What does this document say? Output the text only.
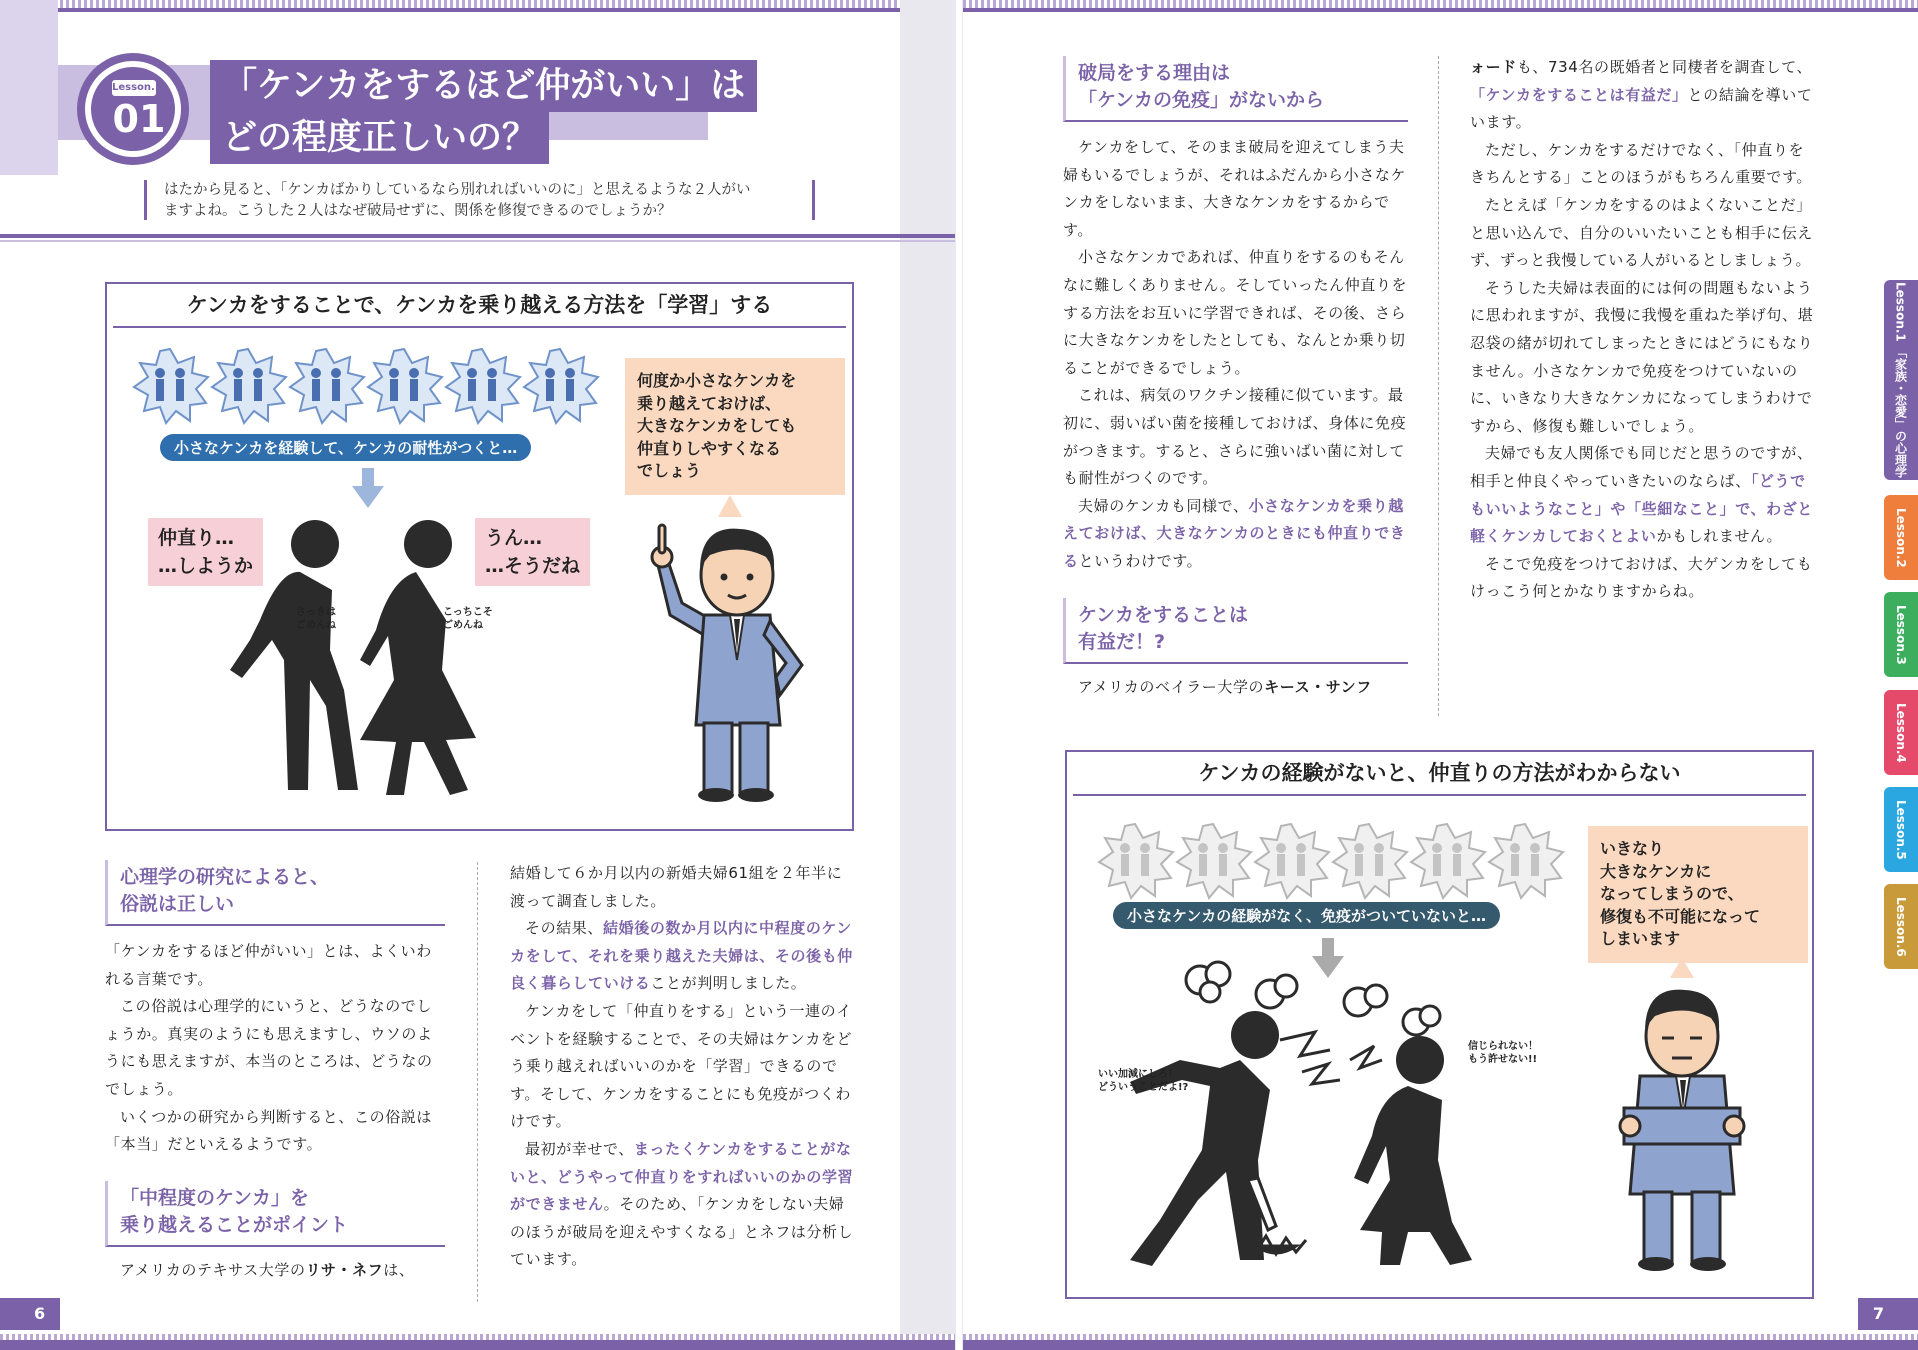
Lesson.1
01
「ケンカをするほど仲がいい」は
どの程度正しいの？
はたから見ると、「ケンカばかりしているなら別れればいいのに」と思えるような２人がい
ますよね。こうした２人はなぜ破局せずに、関係を修復できるのでしょうか？
ケンカをすることで、ケンカを乗り越える方法を「学習」する
小さなケンカを経験して、ケンカの耐性がつくと…
仲直り…
…しようか
うん…
…そうだね
さっきは
ごめんね
こっちこそ
ごめんね
何度か小さなケンカを
乗り越えておけば、
大きなケンカをしても
仲直りしやすくなる
でしょう
心理学の研究によると、
俗説は正しい

「ケンカをするほど仲がいい」とは、よくいわれる言葉です。

この俗説は心理学的にいうと、どうなのでしょうか。真実のようにも思えますし、ウソのようにも思えますが、本当のところは、どうなのでしょう。

いくつかの研究から判断すると、この俗説は「本当」だといえるようです。

「中程度のケンカ」を
乗り越えることがポイント

アメリカのテキサス大学のリサ・ネフは、

結婚して６か月以内の新婚夫婦61組を２年半に渡って調査しました。

その結果、結婚後の数か月以内に中程度のケンカをして、それを乗り越えた夫婦は、その後も仲良く暮らしていけることが判明しました。

ケンカをして「仲直りをする」という一連のイベントを経験することで、その夫婦はケンカをどう乗り越えればいいのかを「学習」できるのです。そして、ケンカをすることにも免疫がつくわけです。

最初が幸せで、まったくケンカをすることがないと、どうやって仲直りをすればいいのかの学習ができません。そのため、「ケンカをしない夫婦のほうが破局を迎えやすくなる」とネフは分析しています。

6
破局をする理由は
「ケンカの免疫」がないから

ケンカをして、そのまま破局を迎えてしまう夫婦もいるでしょうが、それはふだんから小さなケンカをしないまま、大きなケンカをするからです。

小さなケンカであれば、仲直りをするのもそんなに難しくありません。そしていったん仲直りをする方法をお互いに学習できれば、その後、さらに大きなケンカをしたとしても、なんとか乗り切ることができるでしょう。

これは、病気のワクチン接種に似ています。最初に、弱いばい菌を接種しておけば、身体に免疫がつきます。すると、さらに強いばい菌に対しても耐性がつくのです。

夫婦のケンカも同様で、小さなケンカを乗り越えておけば、大きなケンカのときにも仲直りできるというわけです。

ケンカをすることは
有益だ！?

アメリカのベイラー大学のキース・サンフ

ォードも、734名の既婚者と同棲者を調査して、「ケンカをすることは有益だ」との結論を導いています。

ただし、ケンカをするだけでなく、「仲直りをきちんとする」ことのほうがもちろん重要です。

たとえば「ケンカをするのはよくないことだ」と思い込んで、自分のいいたいことも相手に伝えず、ずっと我慢している人がいるとしましょう。

そうした夫婦は表面的には何の問題もないように思われますが、我慢に我慢を重ねた挙げ句、堪忍袋の緒が切れてしまったときにはどうにもなりません。小さなケンカで免疫をつけていないのに、いきなり大きなケンカになってしまうわけですから、修復も難しいでしょう。

夫婦でも友人関係でも同じだと思うのですが、相手と仲良くやっていきたいのならば、「どうでもいいようなこと」や「些細なこと」で、わざと軽くケンカしておくとよいかもしれません。

そこで免疫をつけておけば、大ゲンカをしてもけっこう何とかなりますからね。

ケンカの経験がないと、仲直りの方法がわからない
小さなケンカの経験がなく、免疫がついていないと…
いい加減にしろ！
どういうことだよ!?
信じられない！
もう許せない!!
いきなり
大きなケンカに
なってしまうので、
修復も不可能になって
しまいます
Lesson.1 「家族・恋愛」の心理学
Lesson.2
Lesson.3
Lesson.4
Lesson.5
Lesson.6
7
